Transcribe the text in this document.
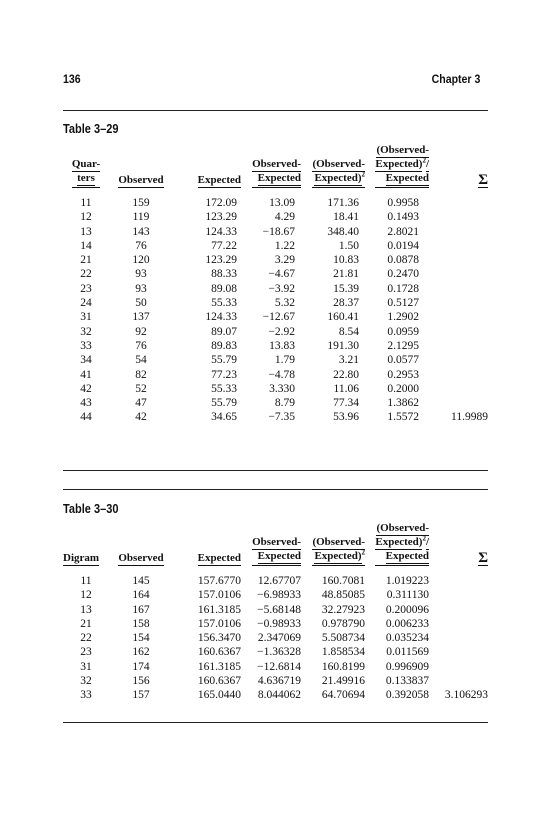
136	Chapter 3
Table 3–29
Quar-
ters	Observed	Expected	Observed-
Expected	(Observed-
Expected)$^2$	(Observed-
Expected)$^2$/
Expected	Σ

11	159	172.09	13.09	171.36	0.9958	
12	119	123.29	4.29	18.41	0.1493	
13	143	124.33	−18.67	348.40	2.8021	
14	76	77.22	1.22	1.50	0.0194	
21	120	123.29	3.29	10.83	0.0878	
22	93	88.33	−4.67	21.81	0.2470	
23	93	89.08	−3.92	15.39	0.1728	
24	50	55.33	5.32	28.37	0.5127	
31	137	124.33	−12.67	160.41	1.2902	
32	92	89.07	−2.92	8.54	0.0959	
33	76	89.83	13.83	191.30	2.1295	
34	54	55.79	1.79	3.21	0.0577	
41	82	77.23	−4.78	22.80	0.2953	
42	52	55.33	3.330	11.06	0.2000	
43	47	55.79	8.79	77.34	1.3862	
44	42	34.65	−7.35	53.96	1.5572	11.9989
Table 3–30
Digram	Observed	Expected	Observed-
Expected	(Observed-
Expected)$^2$	(Observed-
Expected)$^2$/
Expected	Σ

11	145	157.6770	12.67707	160.7081	1.019223	
12	164	157.0106	−6.98933	48.85085	0.311130	
13	167	161.3185	−5.68148	32.27923	0.200096	
21	158	157.0106	−0.98933	0.978790	0.006233	
22	154	156.3470	2.347069	5.508734	0.035234	
23	162	160.6367	−1.36328	1.858534	0.011569	
31	174	161.3185	−12.6814	160.8199	0.996909	
32	156	160.6367	4.636719	21.49916	0.133837	
33	157	165.0440	8.044062	64.70694	0.392058	3.106293
